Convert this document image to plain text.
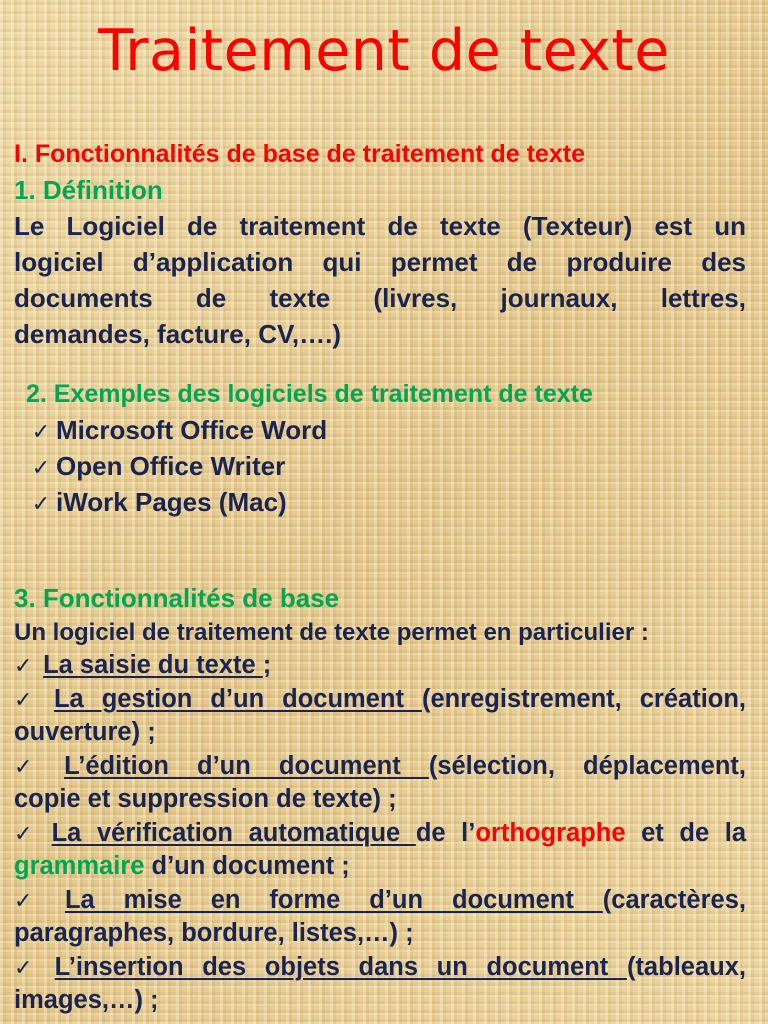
Traitement de texte
I. Fonctionnalités de base de traitement de texte
1. Définition
Le Logiciel de traitement de texte (Texteur) est un
logiciel d’application qui permet de produire des
documents de texte (livres, journaux, lettres,
demandes, facture, CV,….)
2. Exemples des logiciels de traitement de texte
✓ Microsoft Office Word
✓ Open Office Writer
✓ iWork Pages (Mac)
3. Fonctionnalités de base
Un logiciel de traitement de texte permet en particulier :
✓ La saisie du texte ;
✓ La gestion d’un document (enregistrement, création,
ouverture) ;
✓ L’édition d’un document (sélection, déplacement,
copie et suppression de texte) ;
✓ La vérification automatique de l’orthographe et de la
grammaire d’un document ;
✓ La mise en forme d’un document (caractères,
paragraphes, bordure, listes,…) ;
✓ L’insertion des objets dans un document (tableaux,
images,…) ;
